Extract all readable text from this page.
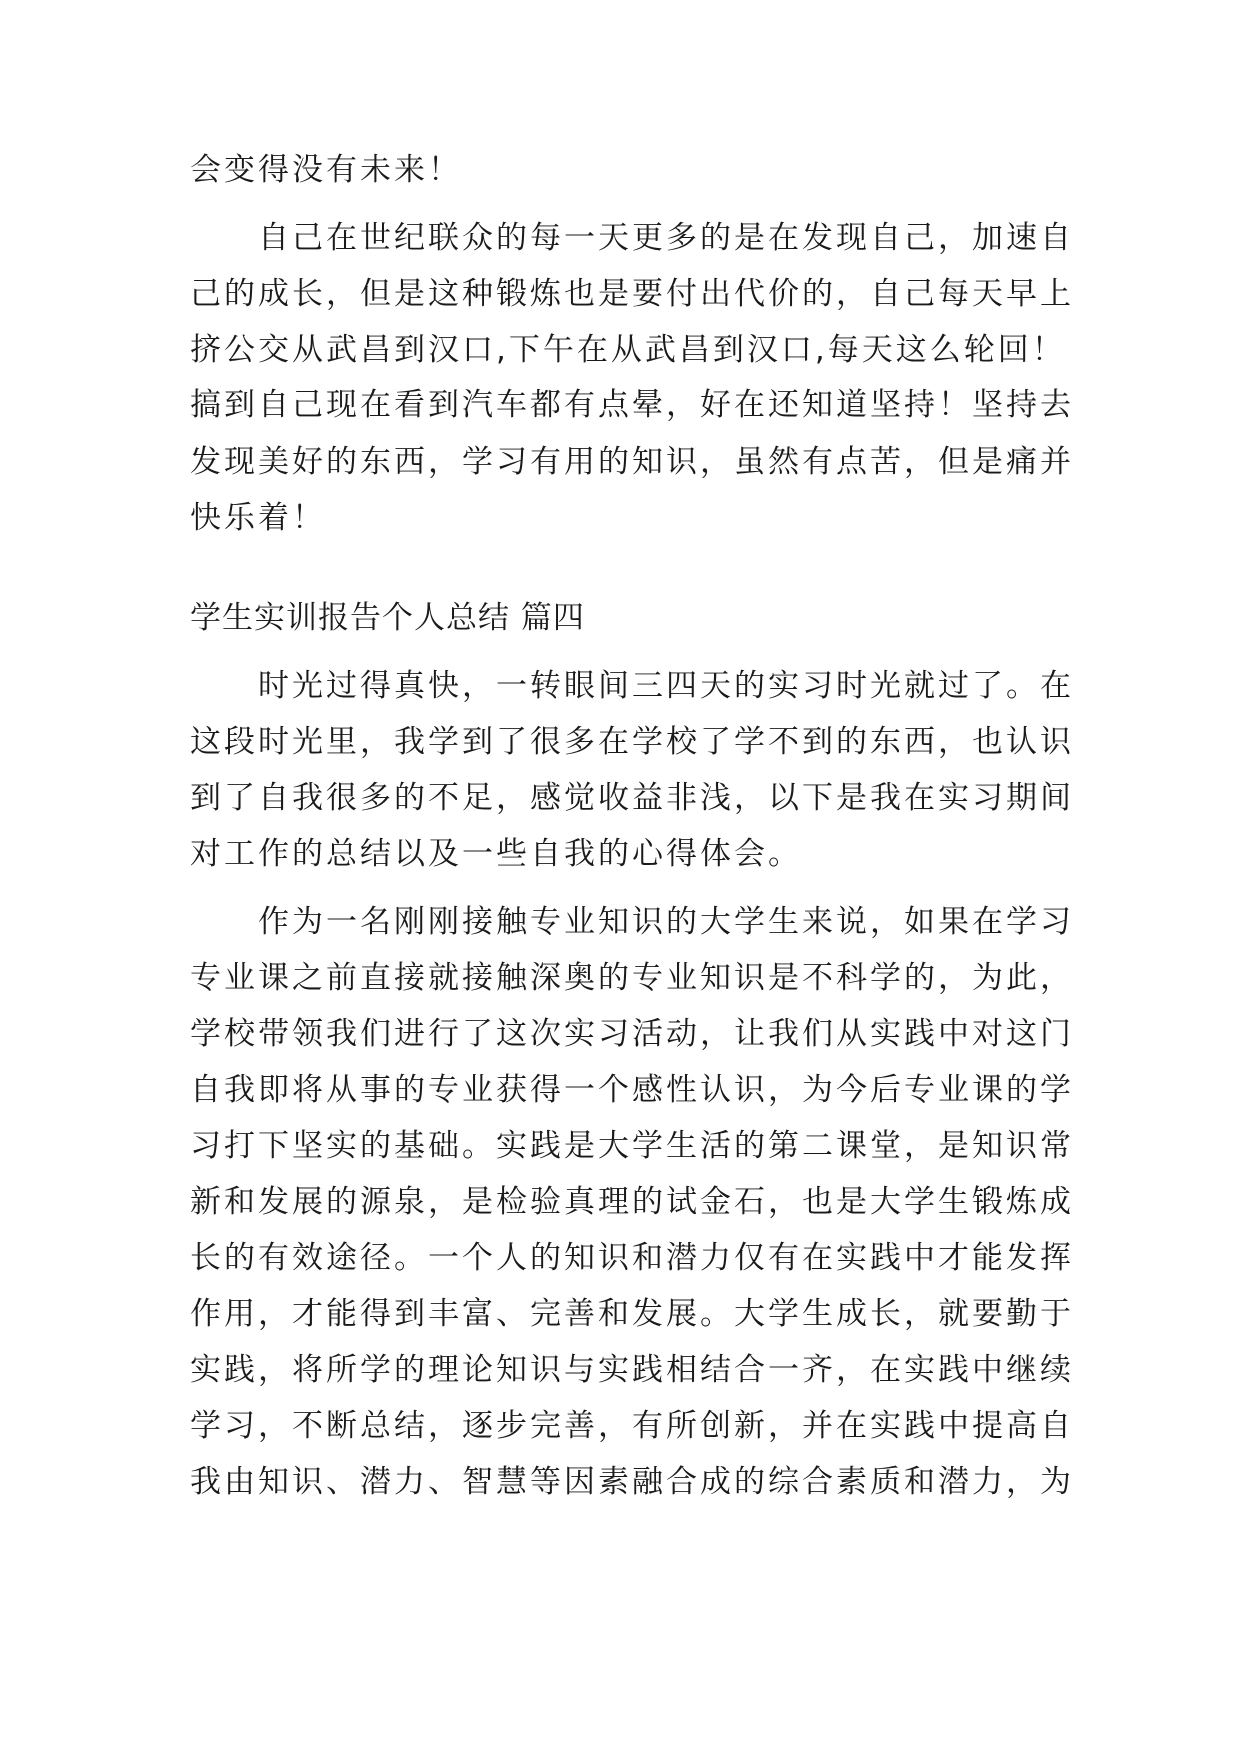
会变得没有未来！
自己在世纪联众的每一天更多的是在发现自己，加速自
己的成长，但是这种锻炼也是要付出代价的，自己每天早上
挤公交从武昌到汉口,下午在从武昌到汉口,每天这么轮回！
搞到自己现在看到汽车都有点晕，好在还知道坚持！坚持去
发现美好的东西，学习有用的知识，虽然有点苦，但是痛并
快乐着！
学生实训报告个人总结 篇四
时光过得真快，一转眼间三四天的实习时光就过了。在
这段时光里，我学到了很多在学校了学不到的东西，也认识
到了自我很多的不足，感觉收益非浅，以下是我在实习期间
对工作的总结以及一些自我的心得体会。
作为一名刚刚接触专业知识的大学生来说，如果在学习
专业课之前直接就接触深奥的专业知识是不科学的，为此，
学校带领我们进行了这次实习活动，让我们从实践中对这门
自我即将从事的专业获得一个感性认识，为今后专业课的学
习打下坚实的基础。实践是大学生活的第二课堂，是知识常
新和发展的源泉，是检验真理的试金石，也是大学生锻炼成
长的有效途径。一个人的知识和潜力仅有在实践中才能发挥
作用，才能得到丰富、完善和发展。大学生成长，就要勤于
实践，将所学的理论知识与实践相结合一齐，在实践中继续
学习，不断总结，逐步完善，有所创新，并在实践中提高自
我由知识、潜力、智慧等因素融合成的综合素质和潜力，为
